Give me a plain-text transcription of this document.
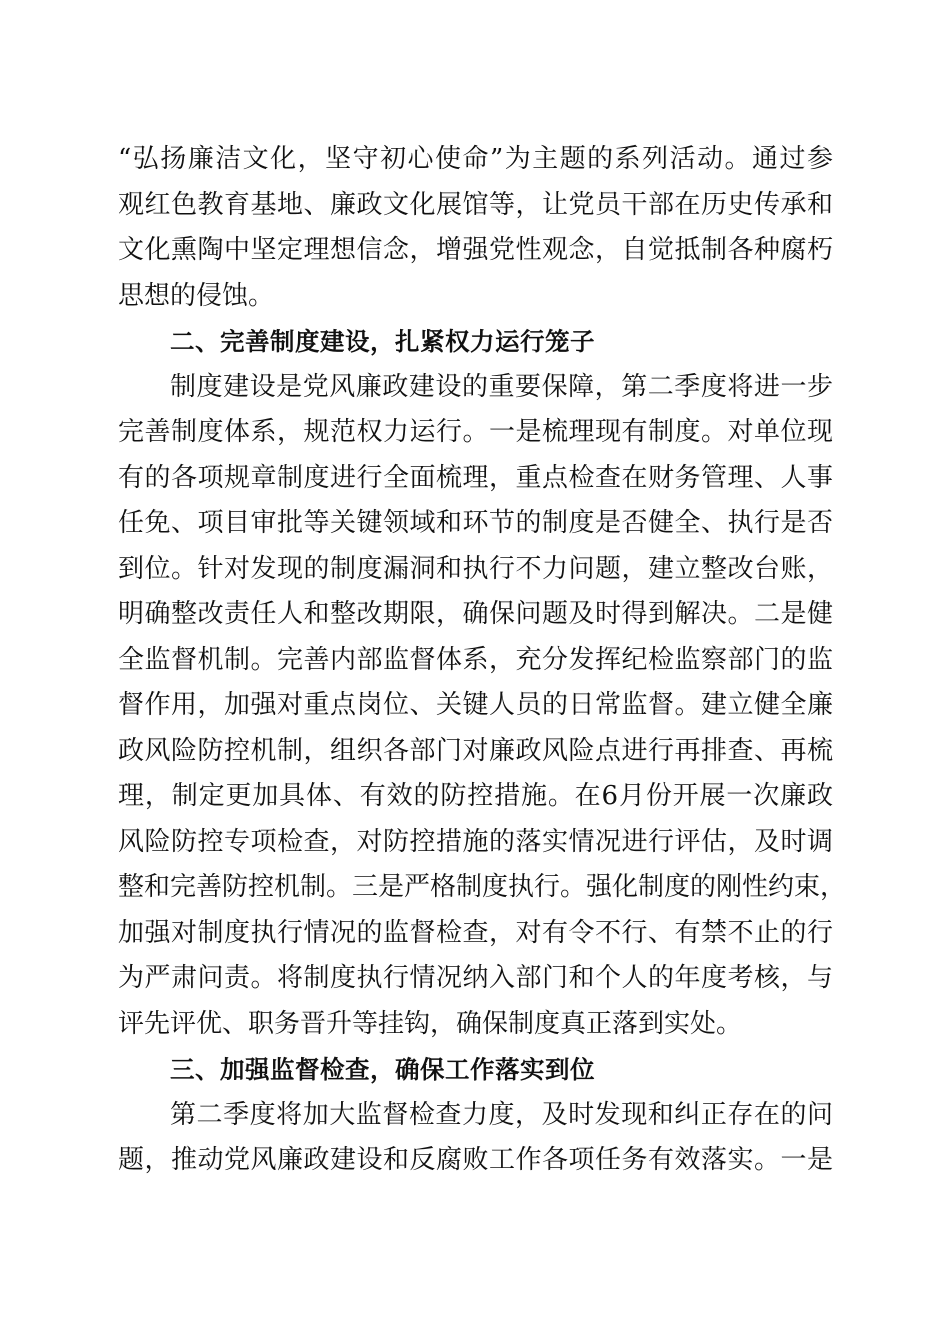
“弘扬廉洁文化，坚守初心使命”为主题的系列活动。通过参
观红色教育基地、廉政文化展馆等，让党员干部在历史传承和
文化熏陶中坚定理想信念，增强党性观念，自觉抵制各种腐朽
思想的侵蚀。
二、完善制度建设，扎紧权力运行笼子
制度建设是党风廉政建设的重要保障，第二季度将进一步
完善制度体系，规范权力运行。一是梳理现有制度。对单位现
有的各项规章制度进行全面梳理，重点检查在财务管理、人事
任免、项目审批等关键领域和环节的制度是否健全、执行是否
到位。针对发现的制度漏洞和执行不力问题，建立整改台账，
明确整改责任人和整改期限，确保问题及时得到解决。二是健
全监督机制。完善内部监督体系，充分发挥纪检监察部门的监
督作用，加强对重点岗位、关键人员的日常监督。建立健全廉
政风险防控机制，组织各部门对廉政风险点进行再排查、再梳
理，制定更加具体、有效的防控措施。在6月份开展一次廉政
风险防控专项检查，对防控措施的落实情况进行评估，及时调
整和完善防控机制。三是严格制度执行。强化制度的刚性约束，
加强对制度执行情况的监督检查，对有令不行、有禁不止的行
为严肃问责。将制度执行情况纳入部门和个人的年度考核，与
评先评优、职务晋升等挂钩，确保制度真正落到实处。
三、加强监督检查，确保工作落实到位
第二季度将加大监督检查力度，及时发现和纠正存在的问
题，推动党风廉政建设和反腐败工作各项任务有效落实。一是
